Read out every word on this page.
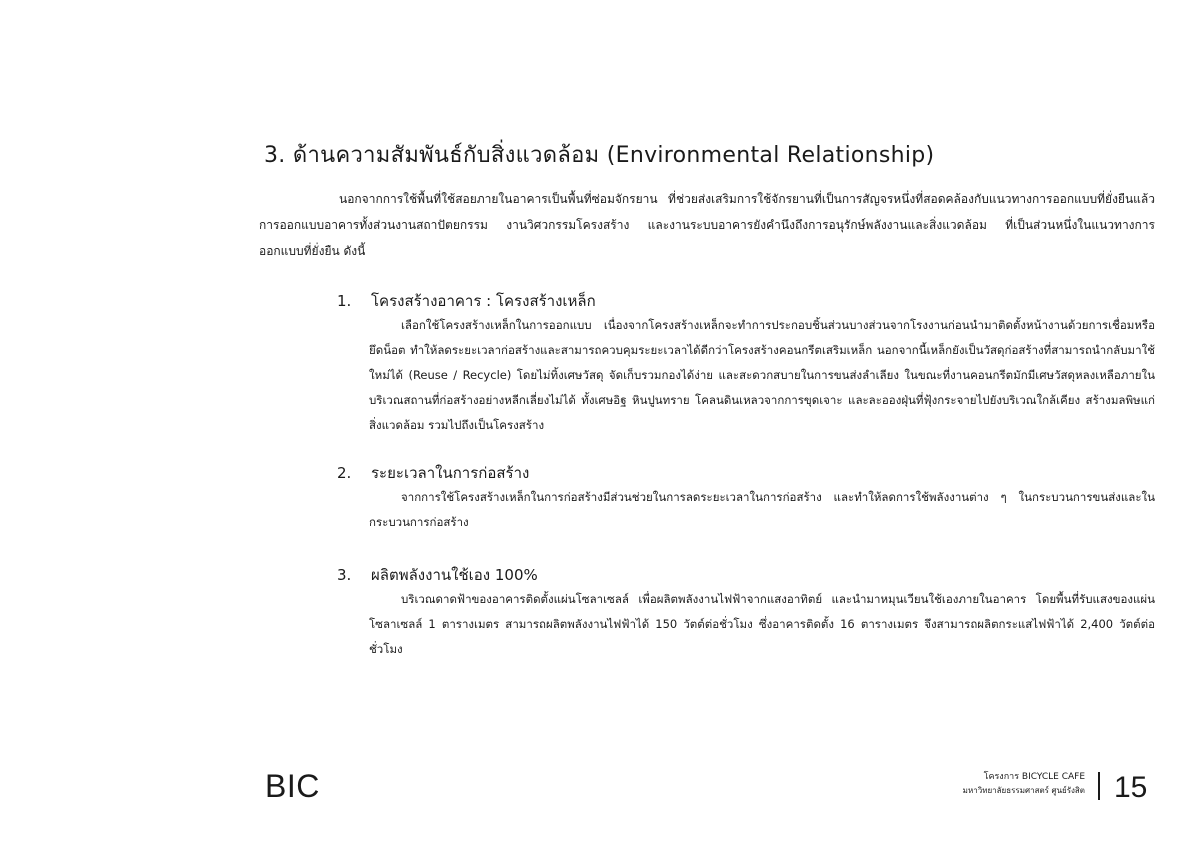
3. ด้านความสัมพันธ์กับสิ่งแวดล้อม (Environmental Relationship)

นอกจากการใช้พื้นที่ใช้สอยภายในอาคารเป็นพื้นที่ซ่อมจักรยาน ที่ช่วยส่งเสริมการใช้จักรยานที่เป็นการสัญจรหนึ่งที่สอดคล้องกับแนวทางการออกแบบที่ยั่งยืนแล้ว การออกแบบอาคารทั้งส่วนงานสถาปัตยกรรม งานวิศวกรรมโครงสร้าง และงานระบบอาคารยังคำนึงถึงการอนุรักษ์พลังงานและสิ่งแวดล้อม ที่เป็นส่วนหนึ่งในแนวทางการออกแบบที่ยั่งยืน ดังนี้

1.	โครงสร้างอาคาร : โครงสร้างเหล็ก

เลือกใช้โครงสร้างเหล็กในการออกแบบ เนื่องจากโครงสร้างเหล็กจะทำการประกอบชิ้นส่วนบางส่วนจากโรงงานก่อนนำมาติดตั้งหน้างานด้วยการเชื่อมหรือยึดน็อต ทำให้ลดระยะเวลาก่อสร้างและสามารถควบคุมระยะเวลาได้ดีกว่าโครงสร้างคอนกรีตเสริมเหล็ก นอกจากนี้เหล็กยังเป็นวัสดุก่อสร้างที่สามารถนำกลับมาใช้ใหม่ได้ (Reuse / Recycle) โดยไม่ทิ้งเศษวัสดุ จัดเก็บรวมกองได้ง่าย และสะดวกสบายในการขนส่งลำเลียง ในขณะที่งานคอนกรีตมักมีเศษวัสดุหลงเหลือภายในบริเวณสถานที่ก่อสร้างอย่างหลีกเลี่ยงไม่ได้ ทั้งเศษอิฐ หินปูนทราย โคลนดินเหลวจากการขุดเจาะ และละอองฝุ่นที่ฟุ้งกระจายไปยังบริเวณใกล้เคียง สร้างมลพิษแก่สิ่งแวดล้อม รวมไปถึงเป็นโครงสร้าง

2.	ระยะเวลาในการก่อสร้าง

จากการใช้โครงสร้างเหล็กในการก่อสร้างมีส่วนช่วยในการลดระยะเวลาในการก่อสร้าง และทำให้ลดการใช้พลังงานต่าง ๆ ในกระบวนการขนส่งและในกระบวนการก่อสร้าง

3.	ผลิตพลังงานใช้เอง 100%

บริเวณดาดฟ้าของอาคารติดตั้งแผ่นโซลาเซลล์ เพื่อผลิตพลังงานไฟฟ้าจากแสงอาทิตย์ และนำมาหมุนเวียนใช้เองภายในอาคาร โดยพื้นที่รับแสงของแผ่นโซลาเซลล์ 1 ตารางเมตร สามารถผลิตพลังงานไฟฟ้าได้ 150 วัตต์ต่อชั่วโมง ซึ่งอาคารติดตั้ง 16 ตารางเมตร จึงสามารถผลิตกระแสไฟฟ้าได้ 2,400 วัตต์ต่อชั่วโมง

BIC	โครงการ BICYCLE CAFE
มหาวิทยาลัยธรรมศาสตร์ ศูนย์รังสิต 15
